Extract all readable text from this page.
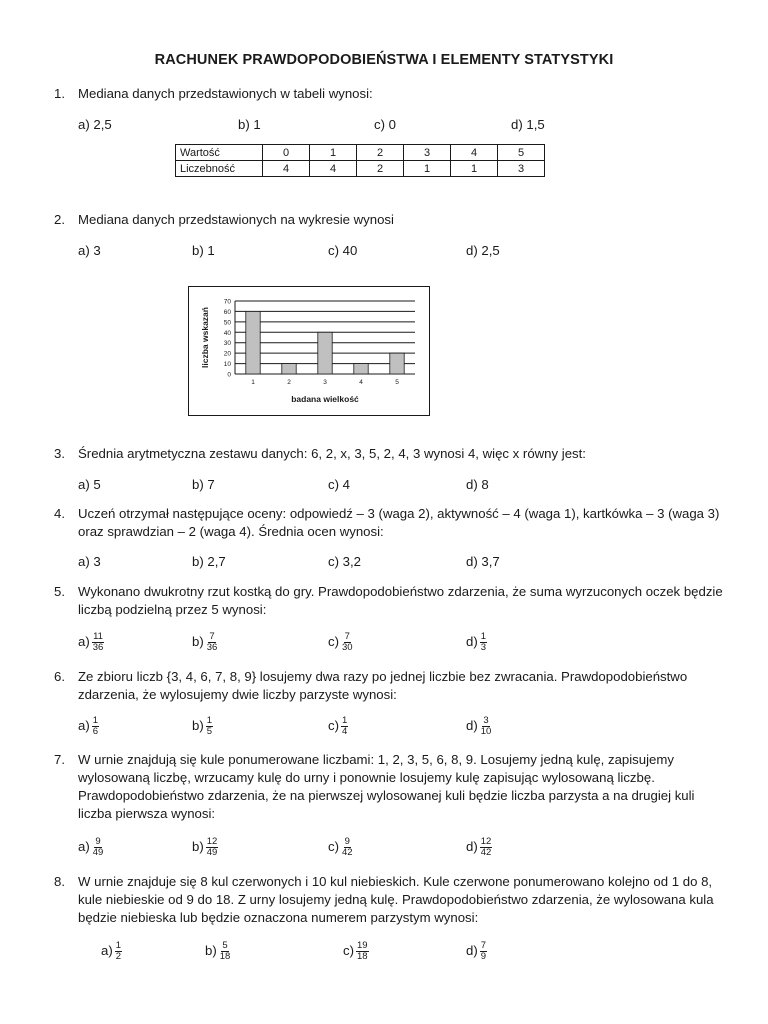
RACHUNEK PRAWDOPODOBIEŃSTWA I ELEMENTY STATYSTYKI
1. Mediana danych przedstawionych w tabeli wynosi:
a) 2,5	b) 1	c) 0	d) 1,5
Wartość	0	1	2	3	4	5
Liczebność	4	4	2	1	1	3
2. Mediana danych przedstawionych na wykresie wynosi
a) 3	b) 1	c) 40	d) 2,5
0
10
20
30
40
50
60
70
1	2	3	4	5
badana wielkość
liczba wskazań
3. Średnia arytmetyczna zestawu danych: 6, 2, x, 3, 5, 2, 4, 3 wynosi 4, więc x równy jest:
a) 5	b) 7	c) 4	d) 8
4. Uczeń otrzymał następujące oceny: odpowiedź – 3 (waga 2), aktywność – 4 (waga 1), kartkówka – 3 (waga 3) oraz sprawdzian – 2 (waga 4). Średnia ocen wynosi:
a) 3	b) 2,7	c) 3,2	d) 3,7
5. Wykonano dwukrotny rzut kostką do gry. Prawdopodobieństwo zdarzenia, że suma wyrzuconych oczek będzie liczbą podzielną przez 5 wynosi:
$a) \frac{11}{36}$	$b) \frac{7}{36}$	$c) \frac{7}{30}$	$d) \frac{1}{3}$
6. Ze zbioru liczb {3, 4, 6, 7, 8, 9} losujemy dwa razy po jednej liczbie bez zwracania. Prawdopodobieństwo zdarzenia, że wylosujemy dwie liczby parzyste wynosi:
$a) \frac{1}{6}$	$b) \frac{1}{5}$	$c) \frac{1}{4}$	$d) \frac{3}{10}$
7. W urnie znajdują się kule ponumerowane liczbami: 1, 2, 3, 5, 6, 8, 9. Losujemy jedną kulę, zapisujemy wylosowaną liczbę, wrzucamy kulę do urny i ponownie losujemy kulę zapisując wylosowaną liczbę. Prawdopodobieństwo zdarzenia, że na pierwszej wylosowanej kuli będzie liczba parzysta a na drugiej kuli liczba pierwsza wynosi:
$a) \frac{9}{49}$	$b) \frac{12}{49}$	$c) \frac{9}{42}$	$d) \frac{12}{42}$
8. W urnie znajduje się 8 kul czerwonych i 10 kul niebieskich. Kule czerwone ponumerowano kolejno od 1 do 8, kule niebieskie od 9 do 18. Z urny losujemy jedną kulę. Prawdopodobieństwo zdarzenia, że wylosowana kula będzie niebieska lub będzie oznaczona numerem parzystym wynosi:
$a) \frac{1}{2}$	$b) \frac{5}{18}$	$c) \frac{19}{18}$	$d) \frac{7}{9}$
